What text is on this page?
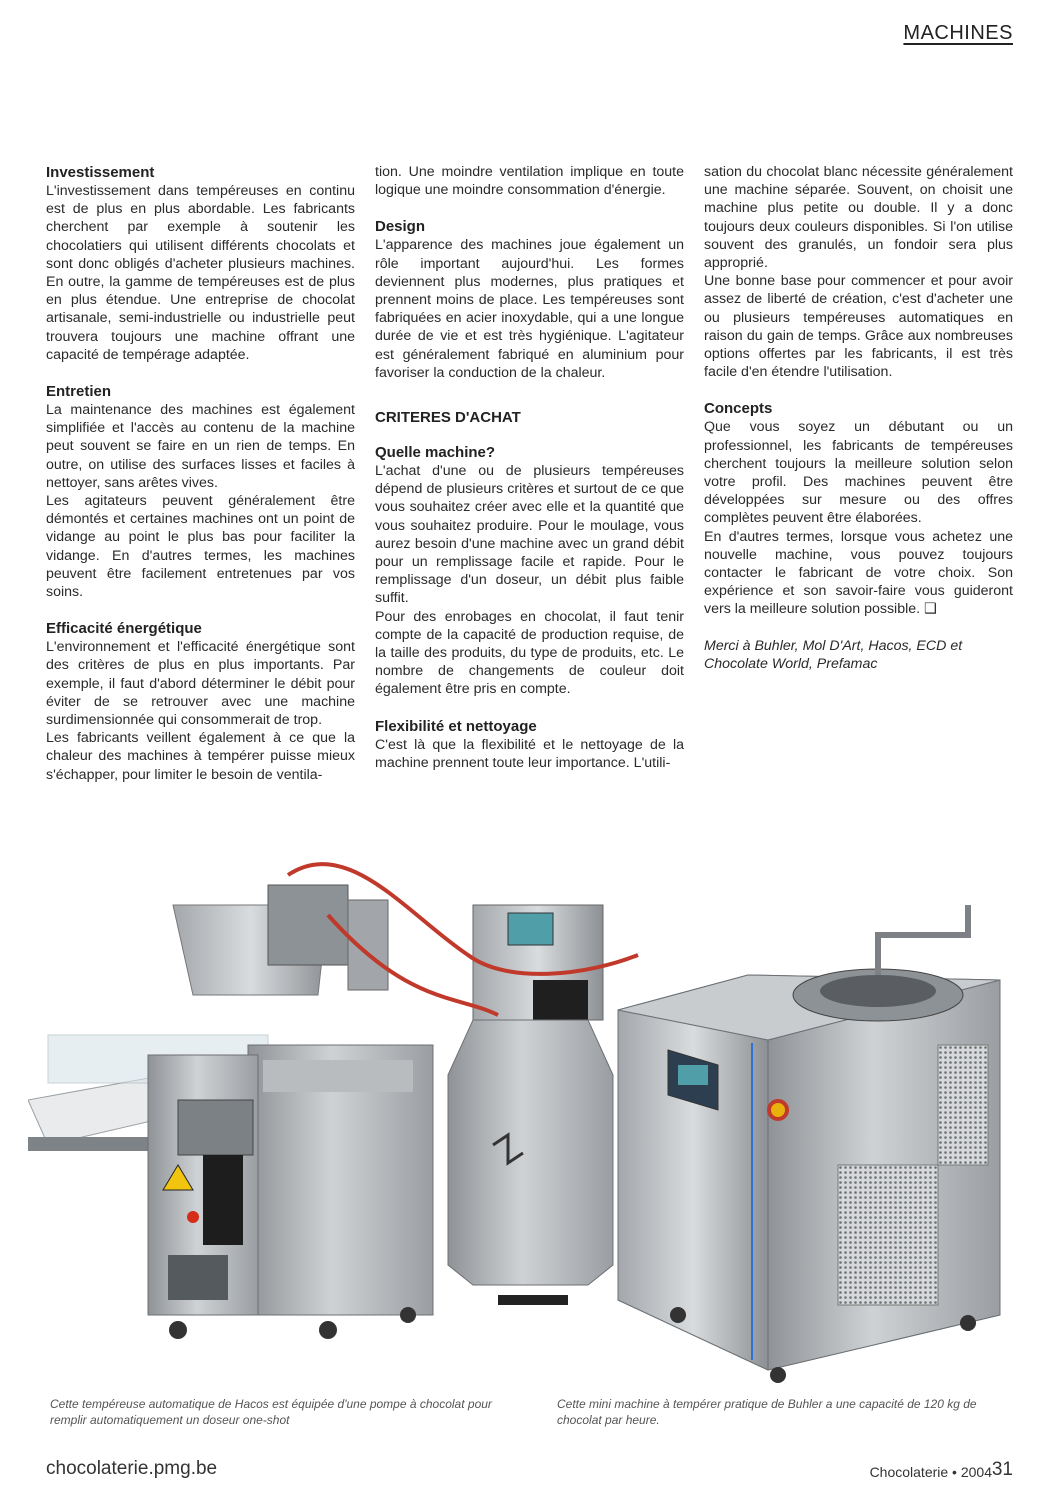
MACHINES
Investissement

L'investissement dans tempéreuses en continu est de plus en plus abordable. Les fabricants cherchent par exemple à soutenir les chocolatiers qui utilisent différents chocolats et sont donc obligés d'acheter plusieurs machines. En outre, la gamme de tempéreuses est de plus en plus étendue. Une entreprise de chocolat artisanale, semi-industrielle ou industrielle peut trouvera toujours une machine offrant une capacité de tempérage adaptée.

Entretien

La maintenance des machines est également simplifiée et l'accès au contenu de la machine peut souvent se faire en un rien de temps. En outre, on utilise des surfaces lisses et faciles à nettoyer, sans arêtes vives.

Les agitateurs peuvent généralement être démontés et certaines machines ont un point de vidange au point le plus bas pour faciliter la vidange. En d'autres termes, les machines peuvent être facilement entretenues par vos soins.

Efficacité énergétique

L'environnement et l'efficacité énergétique sont des critères de plus en plus importants. Par exemple, il faut d'abord déterminer le débit pour éviter de se retrouver avec une machine surdimensionnée qui consommerait de trop.

Les fabricants veillent également à ce que la chaleur des machines à tempérer puisse mieux s'échapper, pour limiter le besoin de ventila-

tion. Une moindre ventilation implique en toute logique une moindre consommation d'énergie.

Design

L'apparence des machines joue également un rôle important aujourd'hui. Les formes deviennent plus modernes, plus pratiques et prennent moins de place. Les tempéreuses sont fabriquées en acier inoxydable, qui a une longue durée de vie et est très hygiénique. L'agitateur est généralement fabriqué en aluminium pour favoriser la conduction de la chaleur.

CRITERES D'ACHAT
Quelle machine?

L'achat d'une ou de plusieurs tempéreuses dépend de plusieurs critères et surtout de ce que vous souhaitez créer avec elle et la quantité que vous souhaitez produire. Pour le moulage, vous aurez besoin d'une machine avec un grand débit pour un remplissage facile et rapide. Pour le remplissage d'un doseur, un débit plus faible suffit.

Pour des enrobages en chocolat, il faut tenir compte de la capacité de production requise, de la taille des produits, du type de produits, etc. Le nombre de changements de couleur doit également être pris en compte.

Flexibilité et nettoyage

C'est là que la flexibilité et le nettoyage de la machine prennent toute leur importance. L'utili-

sation du chocolat blanc nécessite généralement une machine séparée. Souvent, on choisit une machine plus petite ou double. Il y a donc toujours deux couleurs disponibles. Si l'on utilise souvent des granulés, un fondoir sera plus approprié.

Une bonne base pour commencer et pour avoir assez de liberté de création, c'est d'acheter une ou plusieurs tempéreuses automatiques en raison du gain de temps. Grâce aux nombreuses options offertes par les fabricants, il est très facile d'en étendre l'utilisation.

Concepts

Que vous soyez un débutant ou un professionnel, les fabricants de tempéreuses cherchent toujours la meilleure solution selon votre profil. Des machines peuvent être développées sur mesure ou des offres complètes peuvent être élaborées.

En d'autres termes, lorsque vous achetez une nouvelle machine, vous pouvez toujours contacter le fabricant de votre choix. Son expérience et son savoir-faire vous guideront vers la meilleure solution possible. ❑

Merci à Buhler, Mol D'Art, Hacos, ECD et Chocolate World, Prefamac

Cette tempéreuse automatique de Hacos est équipée d'une pompe à chocolat pour remplir automatiquement un doseur one-shot
Cette mini machine à tempérer pratique de Buhler a une capacité de 120 kg de chocolat par heure.
chocolaterie.pmg.be	Chocolaterie • 2004 31
